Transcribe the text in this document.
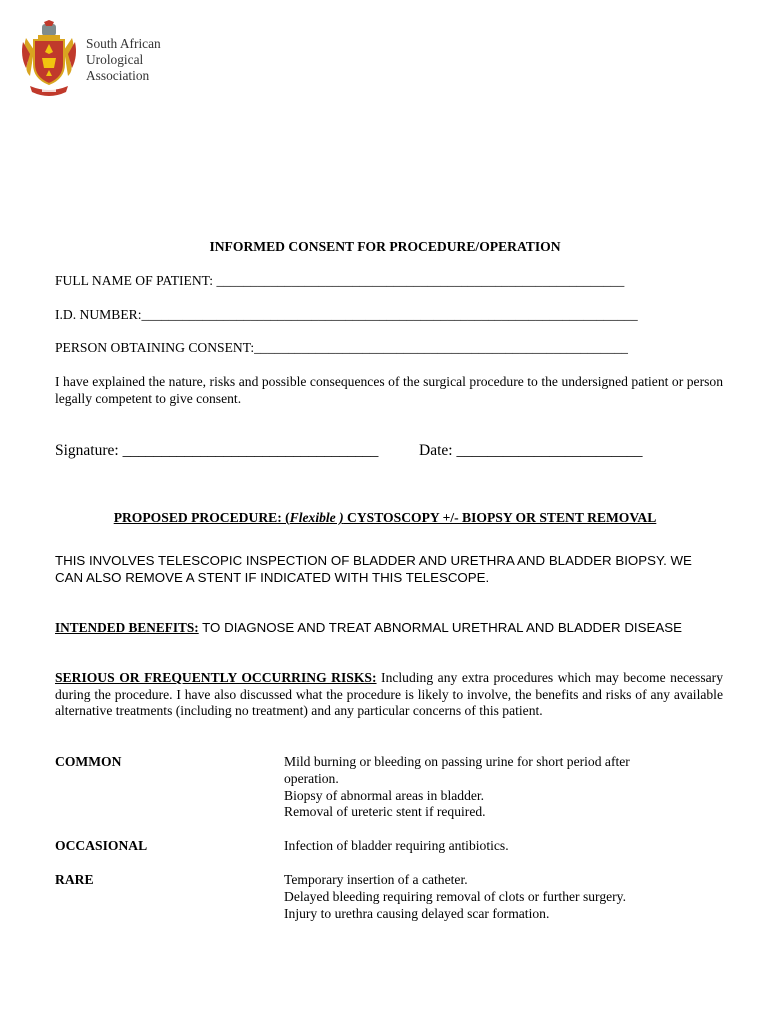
South African
Urological
Association
INFORMED CONSENT FOR PROCEDURE/OPERATION
FULL NAME OF PATIENT: ____________________________________________________________
I.D. NUMBER:_________________________________________________________________________
PERSON OBTAINING CONSENT:_______________________________________________________
I have explained the nature, risks and possible consequences of the surgical procedure to the undersigned patient or person legally competent to give consent.
Signature: _________________________________	Date: ________________________
PROPOSED PROCEDURE: (Flexible ) CYSTOSCOPY +/- BIOPSY OR STENT REMOVAL
THIS INVOLVES TELESCOPIC INSPECTION OF BLADDER AND URETHRA AND BLADDER BIOPSY. WE CAN ALSO REMOVE A STENT IF INDICATED WITH THIS TELESCOPE.
INTENDED BENEFITS: TO DIAGNOSE AND TREAT ABNORMAL URETHRAL AND BLADDER DISEASE
SERIOUS OR FREQUENTLY OCCURRING RISKS: Including any extra procedures which may become necessary during the procedure. I have also discussed what the procedure is likely to involve, the benefits and risks of any available alternative treatments (including no treatment) and any particular concerns of this patient.
COMMON	Mild burning or bleeding on passing urine for short period after
operation.
Biopsy of abnormal areas in bladder.
Removal of ureteric stent if required.
OCCASIONAL	Infection of bladder requiring antibiotics.
RARE	Temporary insertion of a catheter.
Delayed bleeding requiring removal of clots or further surgery.
Injury to urethra causing delayed scar formation.
